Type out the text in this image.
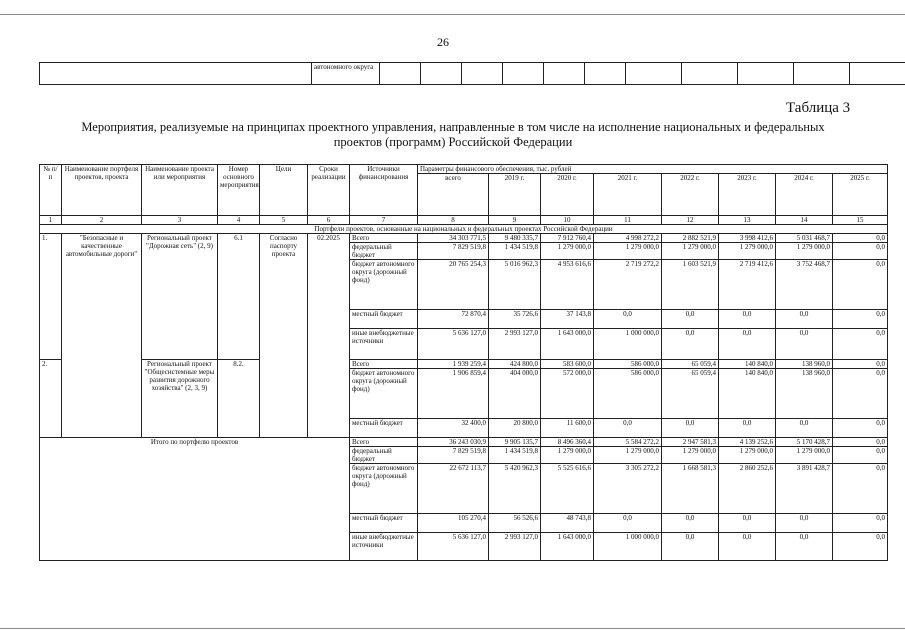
26
	автономного округа												
Таблица 3
Мероприятия, реализуемые на принципах проектного управления, направленные в том числе на исполнение национальных и федеральных проектов (программ) Российской Федерации
№ п/п	Наименование портфеля проектов, проекта	Наименование проекта или мероприятия	Номер основного мероприятия	Цели	Сроки реализации	Источники финансирования	Параметры финансового обеспечения, тыс. рублей							
							всего	2019 г.	2020 г.	2021 г.	2022 г.	2023 г.	2024 г.	2025 г.
1	2	3	4	5	6	7	8	9	10	11	12	13	14	15
Портфели проектов, основанные на национальных и федеральных проектах Российской Федерации														
1.	"Безопасные и качественные автомобильные дороги"	Региональный проект "Дорожная сеть" (2, 9)	6.1	Согласно паспорту проекта	02.2025	Всего	34 303 771,5	9 480 335,7	7 912 760,4	4 998 272,2	2 882 521,9	3 998 412,6	5 031 468,7	0,0
						федеральный бюджет	7 829 519,8	1 434 519,8	1 279 000,0	1 279 000,0	1 279 000,0	1 279 000,0	1 279 000,0	0,0
						бюджет автономного округа (дорожный фонд)	20 765 254,3	5 016 962,3	4 953 616,6	2 719 272,2	1 603 521,9	2 719 412,6	3 752 468,7	0,0
						местный бюджет	72 870,4	35 726,6	37 143,8	0,0	0,0	0,0	0,0	0,0
						иные внебюджетные источники	5 636 127,0	2 993 127,0	1 643 000,0	1 000 000,0	0,0	0,0	0,0	0,0
2.		Региональный проект "Общесистемные меры развития дорожного хозяйства" (2, 3, 9)	8.2.			Всего	1 939 259,4	424 800,0	583 600,0	586 000,0	65 059,4	140 840,0	138 960,0	0,0
						бюджет автономного округа (дорожный фонд)	1 906 859,4	404 000,0	572 000,0	586 000,0	65 059,4	140 840,0	138 960,0	0,0
						местный бюджет	32 400,0	20 800,0	11 600,0	0,0	0,0	0,0	0,0	0,0
Итого по портфелю проектов						Всего	36 243 030,9	9 905 135,7	8 496 360,4	5 584 272,2	2 947 581,3	4 139 252,6	5 170 428,7	0,0
						федеральный бюджет	7 829 519,8	1 434 519,8	1 279 000,0	1 279 000,0	1 279 000,0	1 279 000,0	1 279 000,0	0,0
						бюджет автономного округа (дорожный фонд)	22 672 113,7	5 420 962,3	5 525 616,6	3 305 272,2	1 668 581,3	2 860 252,6	3 891 428,7	0,0
						местный бюджет	105 270,4	56 526,6	48 743,8	0,0	0,0	0,0	0,0	0,0
						иные внебюджетные источники	5 636 127,0	2 993 127,0	1 643 000,0	1 000 000,0	0,0	0,0	0,0	0,0
